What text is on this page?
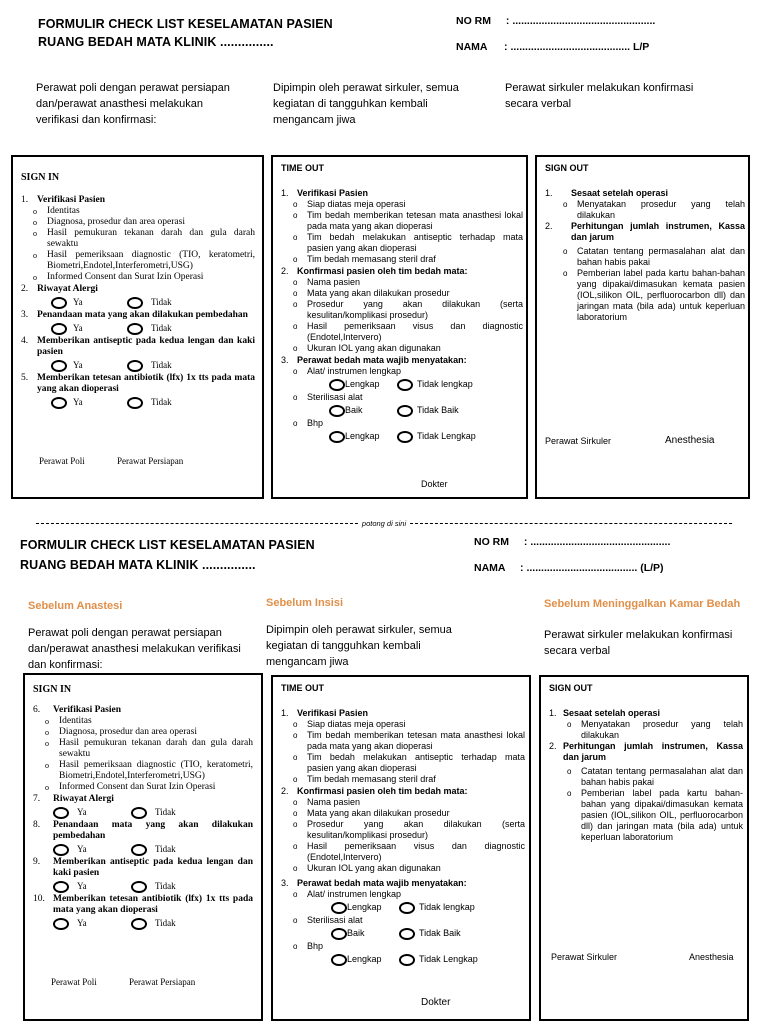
FORMULIR CHECK LIST KESELAMATAN PASIEN
RUANG BEDAH MATA KLINIK ...............
NO RM : .................................................
NAMA : ......................................... L/P
Perawat poli dengan perawat persiapan dan/perawat anasthesi melakukan verifikasi dan konfirmasi:
Dipimpin oleh perawat sirkuler, semua kegiatan di tangguhkan kembali mengancam jiwa
Perawat sirkuler melakukan konfirmasi secara verbal
SIGN IN
1. Verifikasi Pasien
o	Identitas
o	Diagnosa, prosedur dan area operasi
o	Hasil pemukuran tekanan darah dan gula darah sewaktu
o	Hasil pemeriksaan diagnostic (TIO, keratometri, Biometri,Endotel,Interferometri,USG)
o	Informed Consent dan Surat Izin Operasi
2. Riwayat Alergi
Ya	Tidak
3. Penandaan mata yang akan dilakukan pembedahan
Ya	Tidak
4. Memberikan antiseptic pada kedua lengan dan kaki pasien
Ya	Tidak
5. Memberikan tetesan antibiotik (lfx) 1x tts pada mata yang akan dioperasi
Ya	Tidak
Perawat Poli	Perawat Persiapan
TIME OUT
1. Verifikasi Pasien
o	Siap diatas meja operasi
o	Tim bedah memberikan tetesan mata anasthesi lokal pada mata yang akan dioperasi
o	Tim bedah melakukan antiseptic terhadap mata pasien yang akan dioperasi
o	Tim bedah memasang steril draf
2. Konfirmasi pasien oleh tim bedah mata:
o	Nama pasien
o	Mata yang akan dilakukan prosedur
o	Prosedur yang akan dilakukan (serta kesulitan/komplikasi prosedur)
o	Hasil pemeriksaan visus dan diagnostic (Endotel,Intervero)
o	Ukuran IOL yang akan digunakan
3. Perawat bedah mata wajib menyatakan:
o	Alat/ instrumen lengkap
Lengkap	Tidak lengkap
o	Sterilisasi alat
Baik	Tidak Baik
o	Bhp
Lengkap	Tidak Lengkap
Dokter
SIGN OUT
1.	Sesaat setelah operasi
o	Menyatakan prosedur yang telah dilakukan
2.	Perhitungan jumlah instrumen, Kassa dan jarum
o	Catatan tentang permasalahan alat dan bahan habis pakai
o	Pemberian label pada kartu bahan-bahan yang dipakai/dimasukan kemata pasien (IOL,silikon OIL, perfluorocarbon dll) dan jaringan mata (bila ada) untuk keperluan laboratorium
Perawat Sirkuler	Anesthesia
potong di sini
FORMULIR CHECK LIST KESELAMATAN PASIEN
RUANG BEDAH MATA KLINIK ...............
NO RM : ................................................
NAMA : ...................................... (L/P)
Sebelum Anastesi	Sebelum Insisi	Sebelum Meninggalkan Kamar Bedah
Perawat poli dengan perawat persiapan dan/perawat anasthesi melakukan verifikasi dan konfirmasi:
Dipimpin oleh perawat sirkuler, semua kegiatan di tangguhkan kembali mengancam jiwa
Perawat sirkuler melakukan konfirmasi secara verbal
SIGN IN
6.	Verifikasi Pasien
o	Identitas
o	Diagnosa, prosedur dan area operasi
o	Hasil pemukuran tekanan darah dan gula darah sewaktu
o	Hasil pemeriksaan diagnostic (TIO, keratometri, Biometri,Endotel,Interferometri,USG)
o	Informed Consent dan Surat Izin Operasi
7.	Riwayat Alergi
Ya	Tidak
8.	Penandaan mata yang akan dilakukan pembedahan
Ya	Tidak
9.	Memberikan antiseptic pada kedua lengan dan kaki pasien
Ya	Tidak
10. Memberikan tetesan antibiotik (lfx) 1x tts pada mata yang akan dioperasi
Ya	Tidak
Perawat Poli	Perawat Persiapan
TIME OUT
1. Verifikasi Pasien
o	Siap diatas meja operasi
o	Tim bedah memberikan tetesan mata anasthesi lokal pada mata yang akan dioperasi
o	Tim bedah melakukan antiseptic terhadap mata pasien yang akan dioperasi
o	Tim bedah memasang steril draf
2. Konfirmasi pasien oleh tim bedah mata:
o	Nama pasien
o	Mata yang akan dilakukan prosedur
o	Prosedur yang akan dilakukan (serta kesulitan/komplikasi prosedur)
o	Hasil pemeriksaan visus dan diagnostic (Endotel,Intervero)
o	Ukuran IOL yang akan digunakan
3. Perawat bedah mata wajib menyatakan:
o	Alat/ instrumen lengkap
Lengkap	Tidak lengkap
o	Sterilisasi alat
Baik	Tidak Baik
o	Bhp
Lengkap	Tidak Lengkap
Dokter
SIGN OUT
1. Sesaat setelah operasi
o	Menyatakan prosedur yang telah dilakukan
2. Perhitungan jumlah instrumen, Kassa dan jarum
o	Catatan tentang permasalahan alat dan bahan habis pakai
o	Pemberian label pada kartu bahan-bahan yang dipakai/dimasukan kemata pasien (IOL,silikon OIL, perfluorocarbon dll) dan jaringan mata (bila ada) untuk keperluan laboratorium
Perawat Sirkuler	Anesthesia
